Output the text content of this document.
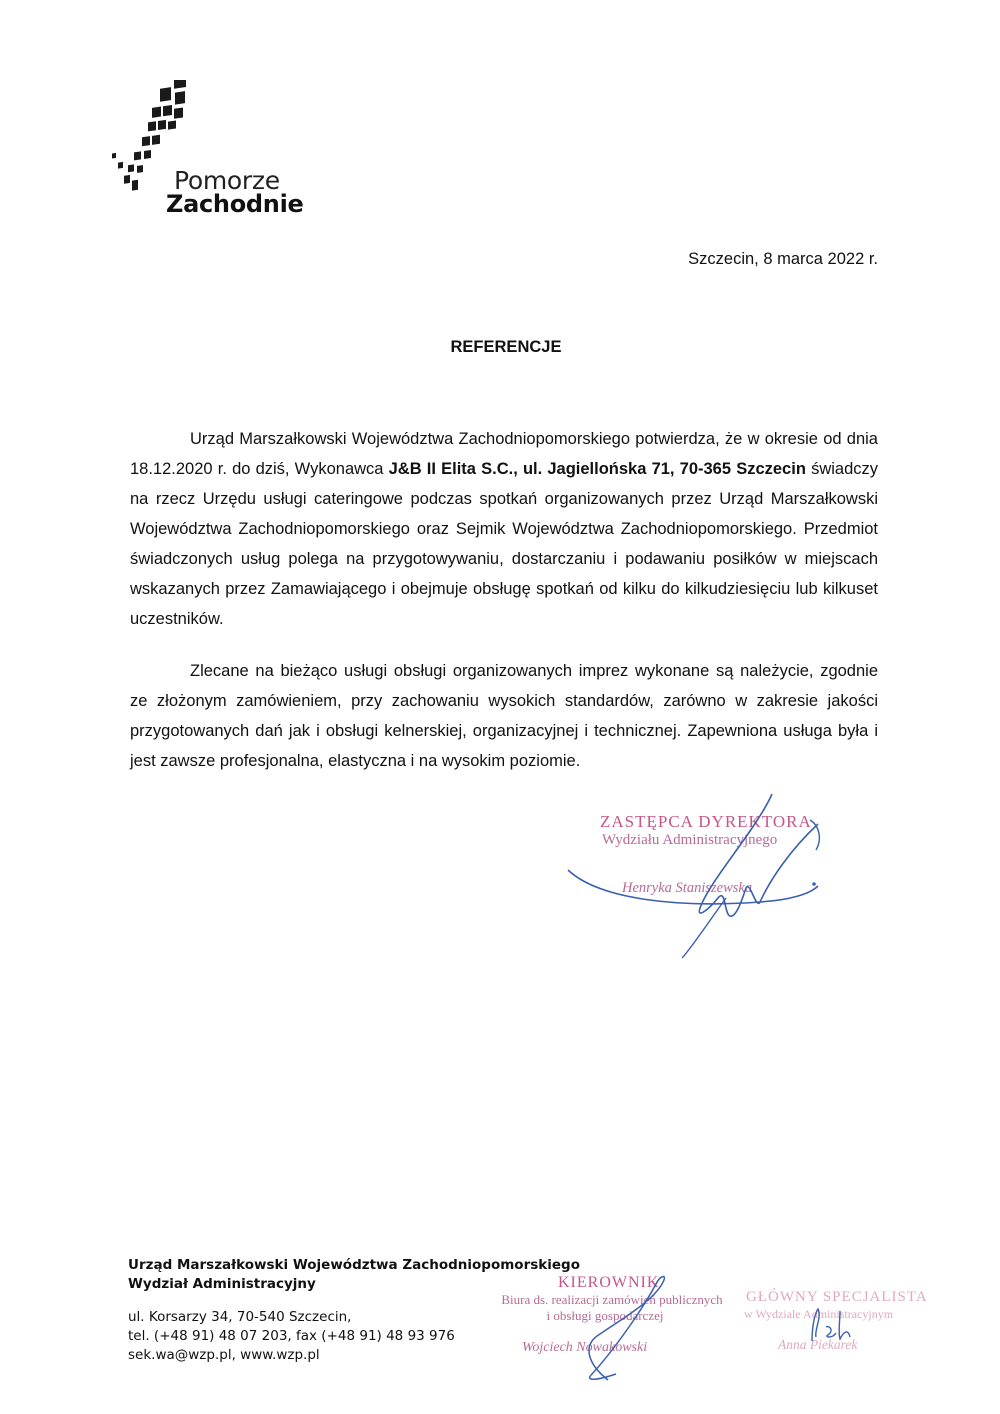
Pomorze
Zachodnie
Szczecin, 8 marca 2022 r.
REFERENCJE

Urząd Marszałkowski Województwa Zachodniopomorskiego potwierdza, że w okresie od dnia 18.12.2020 r. do dziś, Wykonawca J&B II Elita S.C., ul. Jagiellońska 71, 70-365 Szczecin świadczy na rzecz Urzędu usługi cateringowe podczas spotkań organizowanych przez Urząd Marszałkowski Województwa Zachodniopomorskiego oraz Sejmik Województwa Zachodniopomorskiego. Przedmiot świadczonych usług polega na przygotowywaniu, dostarczaniu i podawaniu posiłków w miejscach wskazanych przez Zamawiającego i obejmuje obsługę spotkań od kilku do kilkudziesięciu lub kilkuset uczestników.

Zlecane na bieżąco usługi obsługi organizowanych imprez wykonane są należycie, zgodnie ze złożonym zamówieniem, przy zachowaniu wysokich standardów, zarówno w zakresie jakości przygotowanych dań jak i obsługi kelnerskiej, organizacyjnej i technicznej. Zapewniona usługa była i jest zawsze profesjonalna, elastyczna i na wysokim poziomie.

ZASTĘPCA DYREKTORA
Wydziału Administracyjnego
Henryka Staniszewska
Urząd Marszałkowski Województwa Zachodniopomorskiego
Wydział Administracyjny
ul. Korsarzy 34, 70-540 Szczecin,
tel. (+48 91) 48 07 203, fax (+48 91) 48 93 976
sek.wa@wzp.pl, www.wzp.pl
KIEROWNIK
Biura ds. realizacji zamówień publicznych
i obsługi gospodarczej
Wojciech Nowakowski
GŁÓWNY SPECJALISTA
w Wydziale Administracyjnym
Anna Piekarek
